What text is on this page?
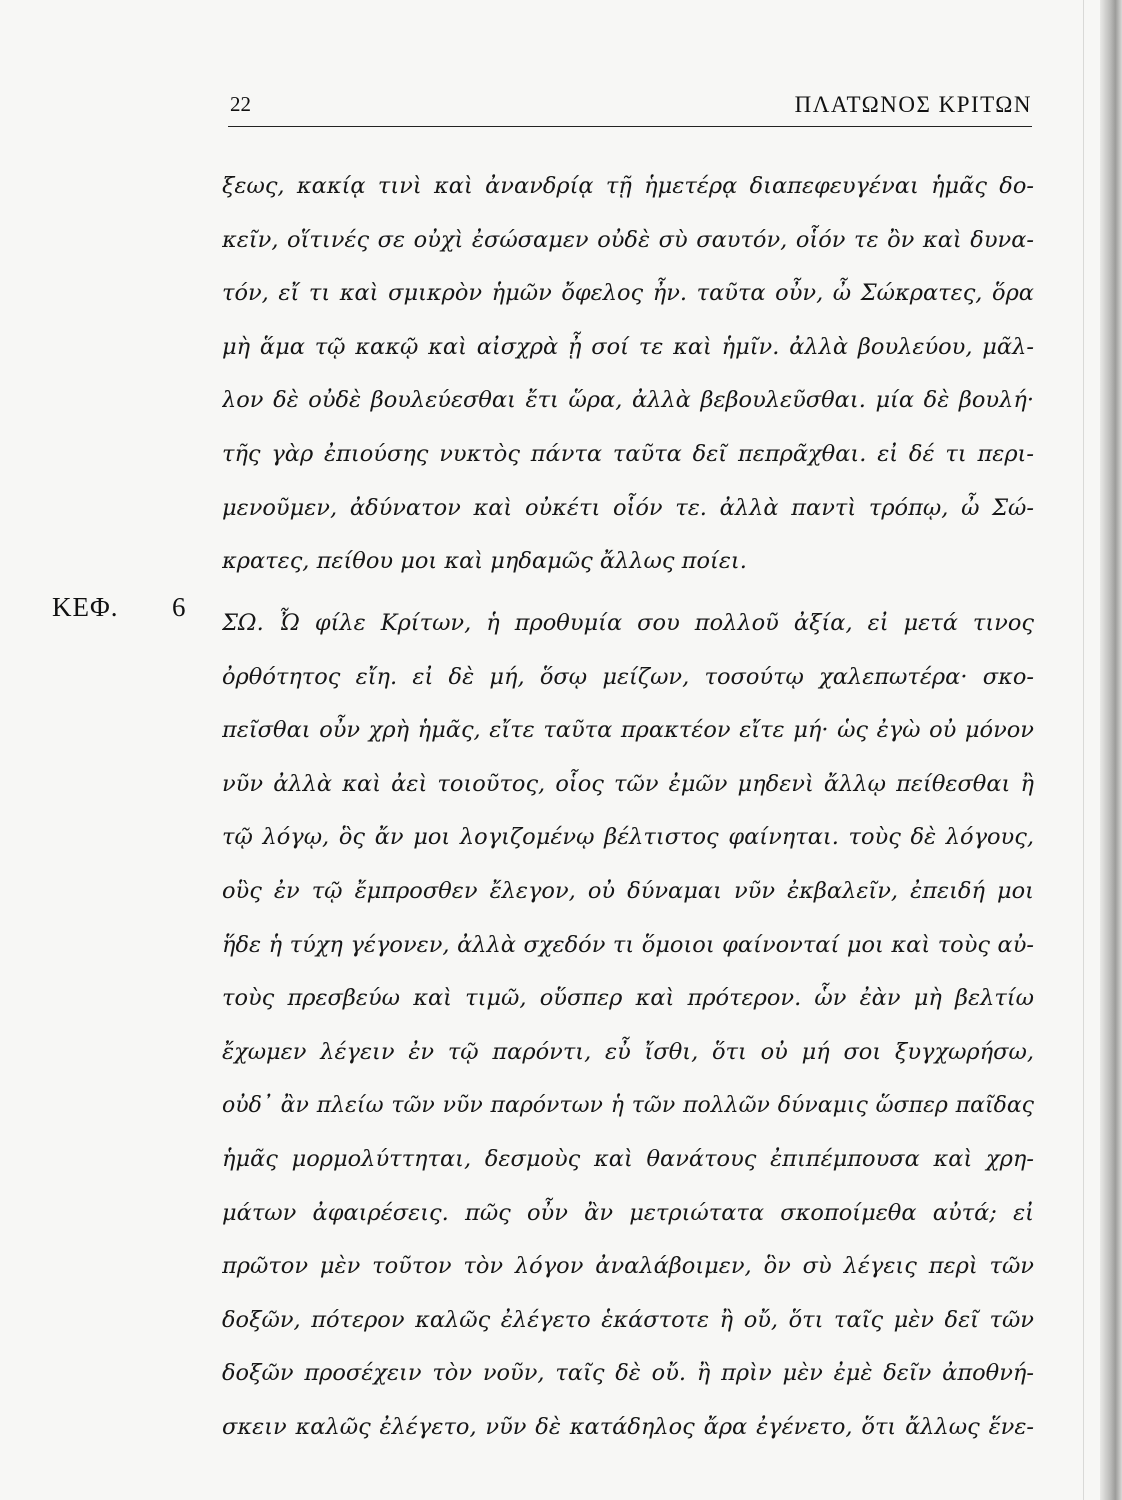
22	ΠΛΑΤΩΝΟΣ ΚΡΙΤΩΝ
ξεως, κακίᾳ τινὶ καὶ ἀνανδρίᾳ τῇ ἡμετέρᾳ διαπεφευγέναι ἡμᾶς δο-
κεῖν, οἵτινές σε οὐχὶ ἐσώσαμεν οὐδὲ σὺ σαυτόν, οἷόν τε ὂν καὶ δυνα-
τόν, εἴ τι καὶ σμικρὸν ἡμῶν ὄφελος ἦν. ταῦτα οὖν, ὦ Σώκρατες, ὅρα
μὴ ἅμα τῷ κακῷ καὶ αἰσχρὰ ᾖ σοί τε καὶ ἡμῖν. ἀλλὰ βουλεύου, μᾶλ-
λον δὲ οὐδὲ βουλεύεσθαι ἔτι ὥρα, ἀλλὰ βεβουλεῦσθαι. μία δὲ βουλή·
τῆς γὰρ ἐπιούσης νυκτὸς πάντα ταῦτα δεῖ πεπρᾶχθαι. εἰ δέ τι περι-
μενοῦμεν, ἀδύνατον καὶ οὐκέτι οἷόν τε. ἀλλὰ παντὶ τρόπῳ, ὦ Σώ-
κρατες, πείθου μοι καὶ μηδαμῶς ἄλλως ποίει.
ΚΕΦ. 6
ΣΩ. Ὦ φίλε Κρίτων, ἡ προθυμία σου πολλοῦ ἀξία, εἰ μετά τινος
ὀρθότητος εἴη. εἰ δὲ μή, ὅσῳ μείζων, τοσούτῳ χαλεπωτέρα· σκο-
πεῖσθαι οὖν χρὴ ἡμᾶς, εἴτε ταῦτα πρακτέον εἴτε μή· ὡς ἐγὼ οὐ μόνον
νῦν ἀλλὰ καὶ ἀεὶ τοιοῦτος, οἷος τῶν ἐμῶν μηδενὶ ἄλλῳ πείθεσθαι ἢ
τῷ λόγῳ, ὃς ἄν μοι λογιζομένῳ βέλτιστος φαίνηται. τοὺς δὲ λόγους,
οὓς ἐν τῷ ἔμπροσθεν ἔλεγον, οὐ δύναμαι νῦν ἐκβαλεῖν, ἐπειδή μοι
ἥδε ἡ τύχη γέγονεν, ἀλλὰ σχεδόν τι ὅμοιοι φαίνονταί μοι καὶ τοὺς αὐ-
τοὺς πρεσβεύω καὶ τιμῶ, οὕσπερ καὶ πρότερον. ὧν ἐὰν μὴ βελτίω
ἔχωμεν λέγειν ἐν τῷ παρόντι, εὖ ἴσθι, ὅτι οὐ μή σοι ξυγχωρήσω,
οὐδ᾽ ἂν πλείω τῶν νῦν παρόντων ἡ τῶν πολλῶν δύναμις ὥσπερ παῖδας
ἡμᾶς μορμολύττηται, δεσμοὺς καὶ θανάτους ἐπιπέμπουσα καὶ χρη-
μάτων ἀφαιρέσεις. πῶς οὖν ἂν μετριώτατα σκοποίμεθα αὐτά; εἰ
πρῶτον μὲν τοῦτον τὸν λόγον ἀναλάβοιμεν, ὃν σὺ λέγεις περὶ τῶν
δοξῶν, πότερον καλῶς ἐλέγετο ἑκάστοτε ἢ οὔ, ὅτι ταῖς μὲν δεῖ τῶν
δοξῶν προσέχειν τὸν νοῦν, ταῖς δὲ οὔ. ἢ πρὶν μὲν ἐμὲ δεῖν ἀποθνή-
σκειν καλῶς ἐλέγετο, νῦν δὲ κατάδηλος ἄρα ἐγένετο, ὅτι ἄλλως ἕνε-
